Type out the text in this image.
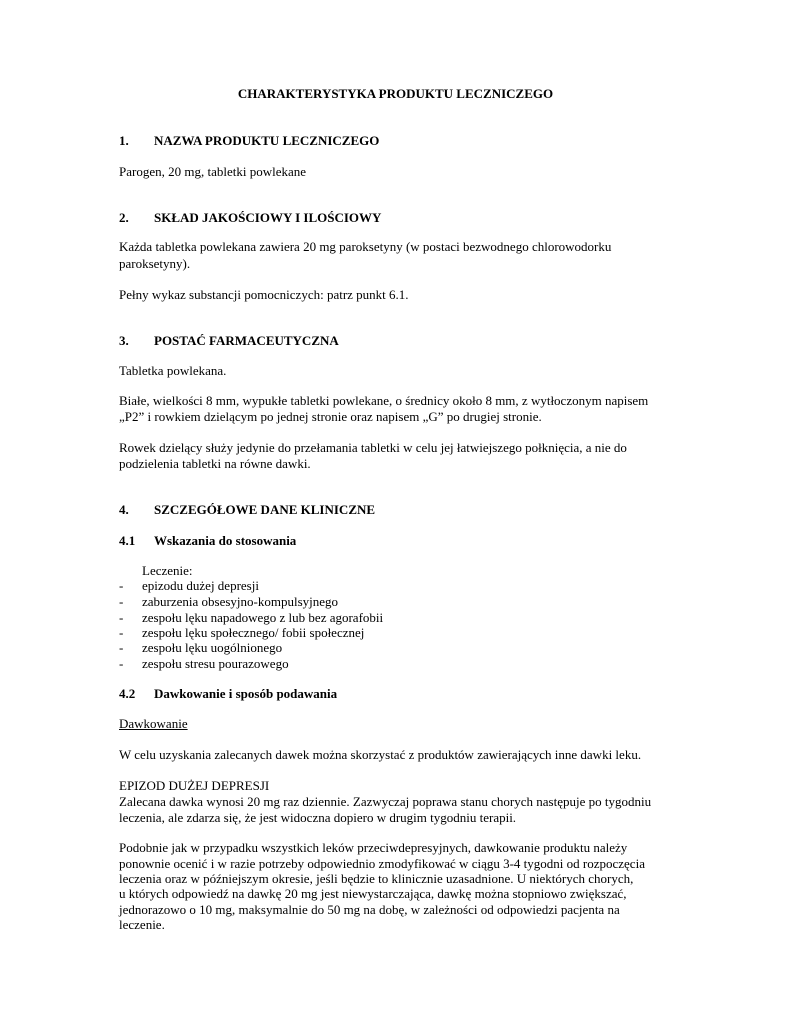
CHARAKTERYSTYKA PRODUKTU LECZNICZEGO
1. NAZWA PRODUKTU LECZNICZEGO
Parogen, 20 mg, tabletki powlekane
2. SKŁAD JAKOŚCIOWY I ILOŚCIOWY
Każda tabletka powlekana zawiera 20 mg paroksetyny (w postaci bezwodnego chlorowodorku
paroksetyny).
Pełny wykaz substancji pomocniczych: patrz punkt 6.1.
3. POSTAĆ FARMACEUTYCZNA
Tabletka powlekana.
Białe, wielkości 8 mm, wypukłe tabletki powlekane, o średnicy około 8 mm, z wytłoczonym napisem
„P2” i rowkiem dzielącym po jednej stronie oraz napisem „G” po drugiej stronie.
Rowek dzielący służy jedynie do przełamania tabletki w celu jej łatwiejszego połknięcia, a nie do
podzielenia tabletki na równe dawki.
4. SZCZEGÓŁOWE DANE KLINICZNE
4.1 Wskazania do stosowania
Leczenie:
- epizodu dużej depresji
- zaburzenia obsesyjno-kompulsyjnego
- zespołu lęku napadowego z lub bez agorafobii
- zespołu lęku społecznego/ fobii społecznej
- zespołu lęku uogólnionego
- zespołu stresu pourazowego
4.2 Dawkowanie i sposób podawania
Dawkowanie
W celu uzyskania zalecanych dawek można skorzystać z produktów zawierających inne dawki leku.
EPIZOD DUŻEJ DEPRESJI
Zalecana dawka wynosi 20 mg raz dziennie. Zazwyczaj poprawa stanu chorych następuje po tygodniu
leczenia, ale zdarza się, że jest widoczna dopiero w drugim tygodniu terapii.
Podobnie jak w przypadku wszystkich leków przeciwdepresyjnych, dawkowanie produktu należy
ponownie ocenić i w razie potrzeby odpowiednio zmodyfikować w ciągu 3-4 tygodni od rozpoczęcia
leczenia oraz w późniejszym okresie, jeśli będzie to klinicznie uzasadnione. U niektórych chorych,
u których odpowiedź na dawkę 20 mg jest niewystarczająca, dawkę można stopniowo zwiększać,
jednorazowo o 10 mg, maksymalnie do 50 mg na dobę, w zależności od odpowiedzi pacjenta na
leczenie.
